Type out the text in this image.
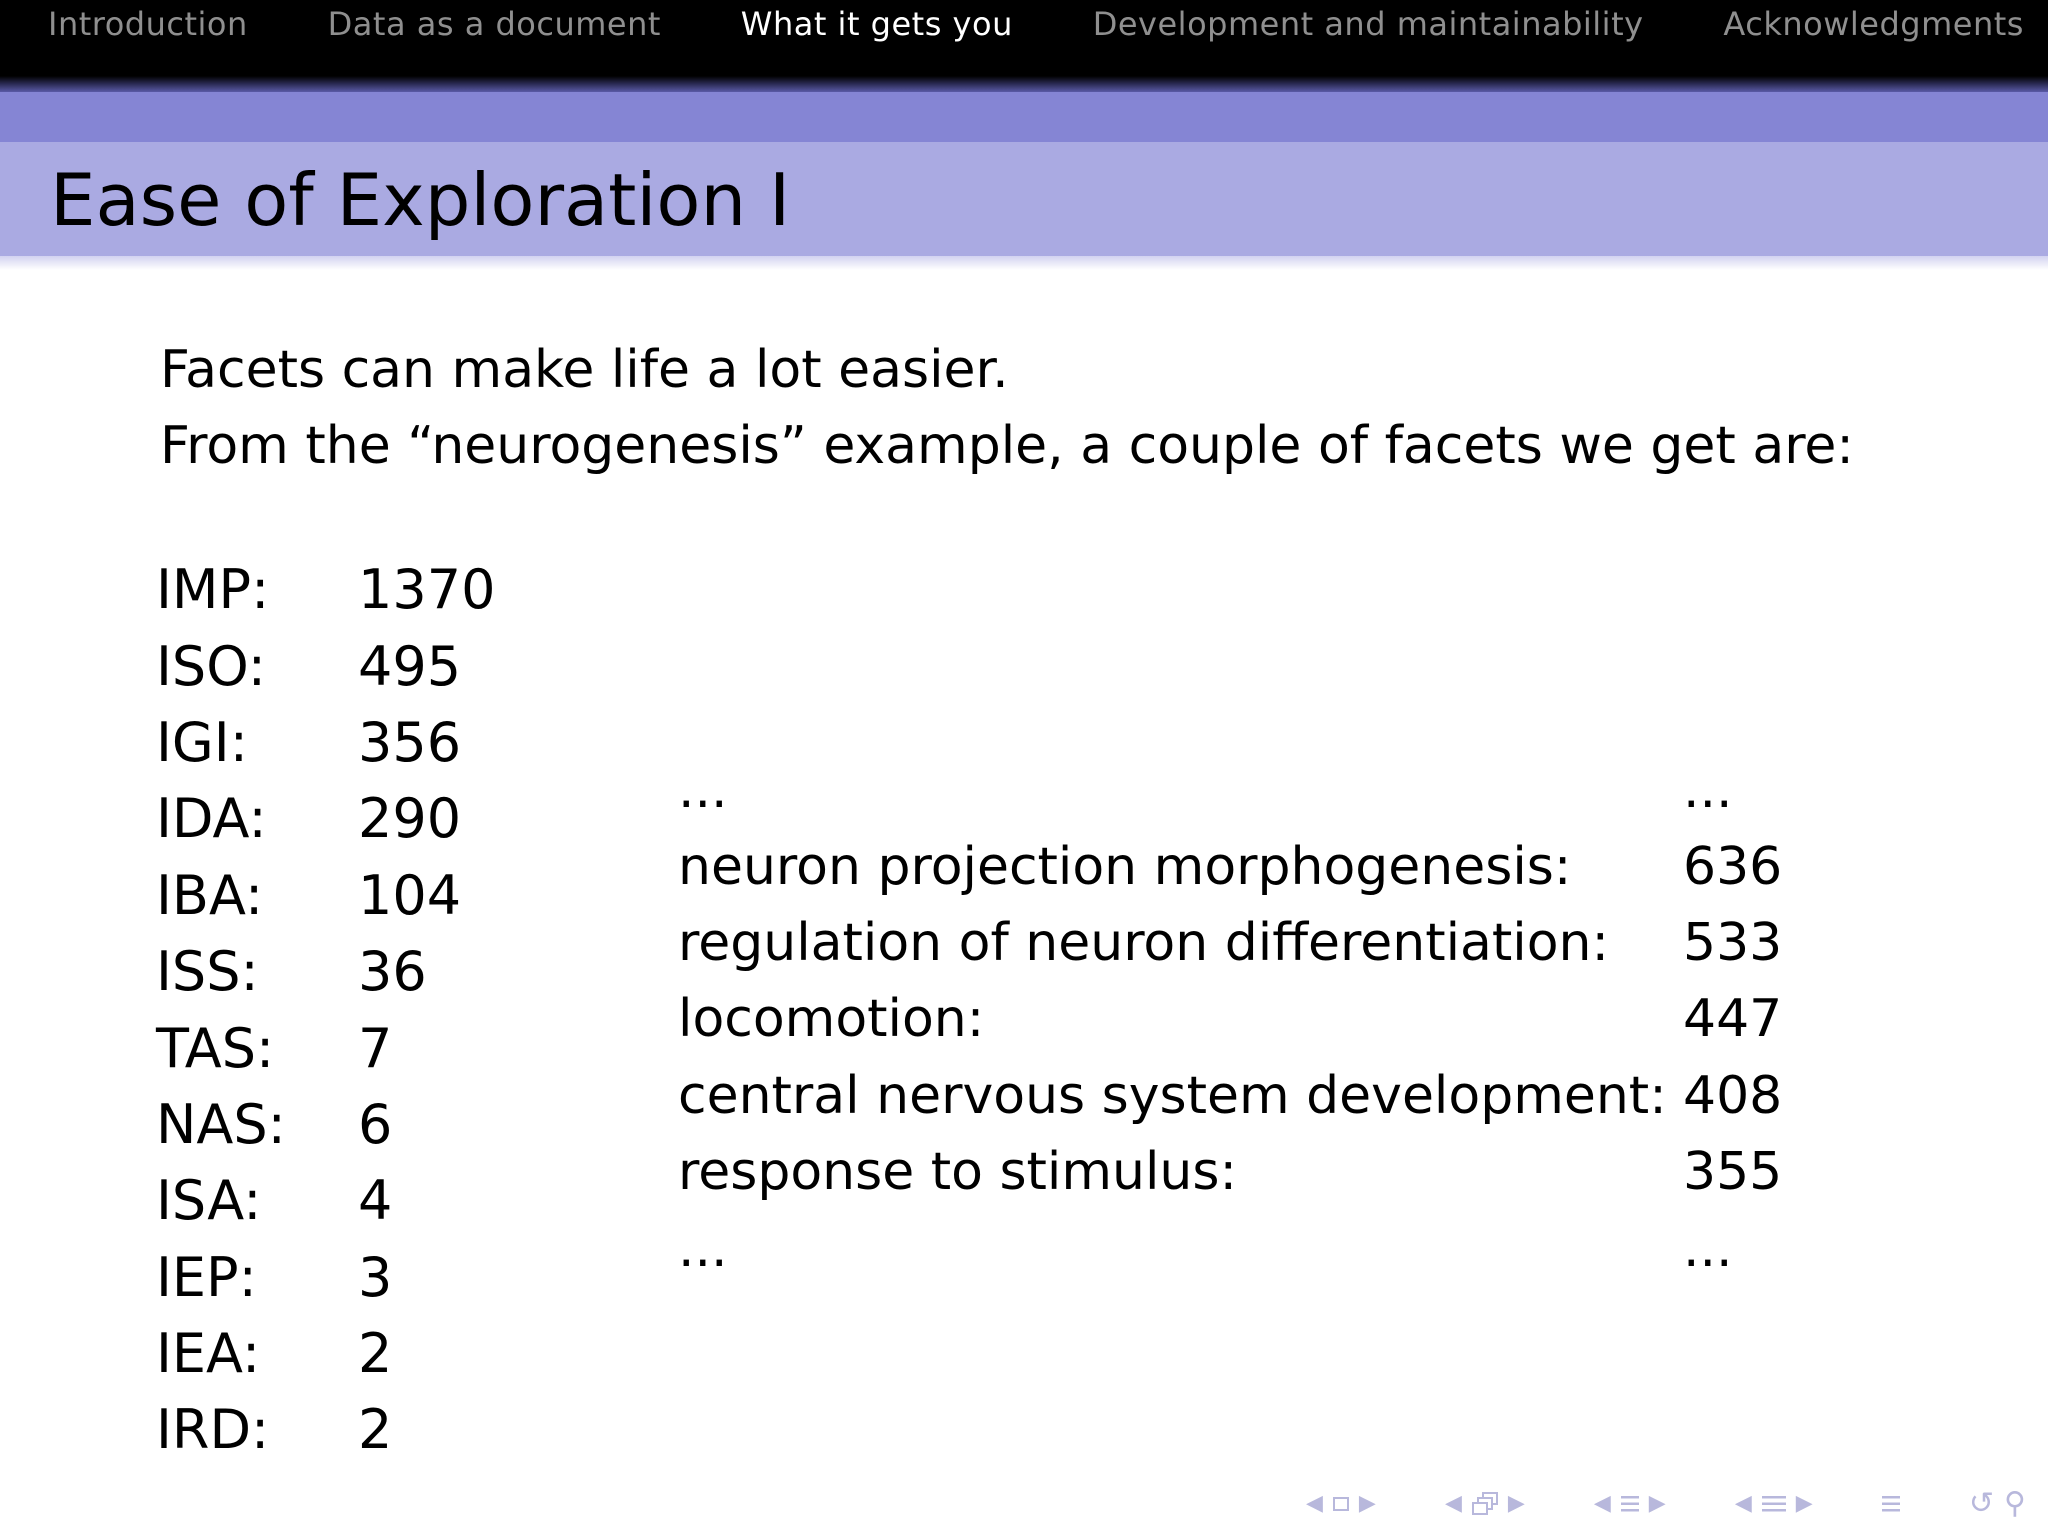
Introduction Data as a document What it gets you Development and maintainability Acknowledgments
Ease of Exploration I
Facets can make life a lot easier.
From the “neurogenesis” example, a couple of facets we get are:
IMP:	1370
ISO:	495
IGI:	356
IDA:	290
IBA:	104
ISS:	36
TAS:	7
NAS:	6
ISA:	4
IEP:	3
IEA:	2
IRD:	2
...	...
neuron projection morphogenesis:	636
regulation of neuron differentiation:	533
locomotion:	447
central nervous system development:	408
response to stimulus:	355
...	...
◀ ▶	◀ ▶	◀ ▶	◀ ▶	↺ ⚲
